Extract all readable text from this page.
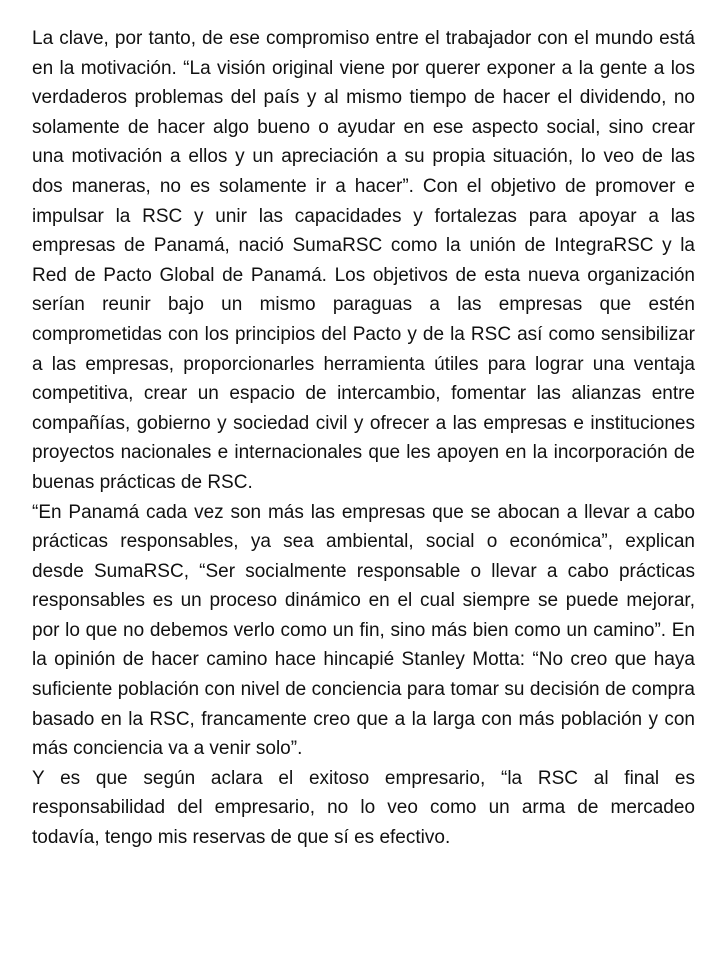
La clave, por tanto, de ese compromiso entre el trabajador con el mundo está en la motivación. “La visión original viene por querer exponer a la gente a los verdaderos problemas del país y al mismo tiempo de hacer el dividendo, no solamente de hacer algo bueno o ayudar en ese aspecto social, sino crear una motivación a ellos y un apreciación a su propia situación, lo veo de las dos maneras, no es solamente ir a hacer”. Con el objetivo de promover e impulsar la RSC y unir las capacidades y fortalezas para apoyar a las empresas de Panamá, nació SumaRSC como la unión de IntegraRSC y la Red de Pacto Global de Panamá. Los objetivos de esta nueva organización serían reunir bajo un mismo paraguas a las empresas que estén comprometidas con los principios del Pacto y de la RSC así como sensibilizar a las empresas, proporcionarles herramienta útiles para lograr una ventaja competitiva, crear un espacio de intercambio, fomentar las alianzas entre compañías, gobierno y sociedad civil y ofrecer a las empresas e instituciones proyectos nacionales e internacionales que les apoyen en la incorporación de buenas prácticas de RSC.

“En Panamá cada vez son más las empresas que se abocan a llevar a cabo prácticas responsables, ya sea ambiental, social o económica”, explican desde SumaRSC, “Ser socialmente responsable o llevar a cabo prácticas responsables es un proceso dinámico en el cual siempre se puede mejorar, por lo que no debemos verlo como un fin, sino más bien como un camino”. En la opinión de hacer camino hace hincapié Stanley Motta: “No creo que haya suficiente población con nivel de conciencia para tomar su decisión de compra basado en la RSC, francamente creo que a la larga con más población y con más conciencia va a venir solo”.

Y es que según aclara el exitoso empresario, “la RSC al final es responsabilidad del empresario, no lo veo como un arma de mercadeo todavía, tengo mis reservas de que sí es efectivo.
